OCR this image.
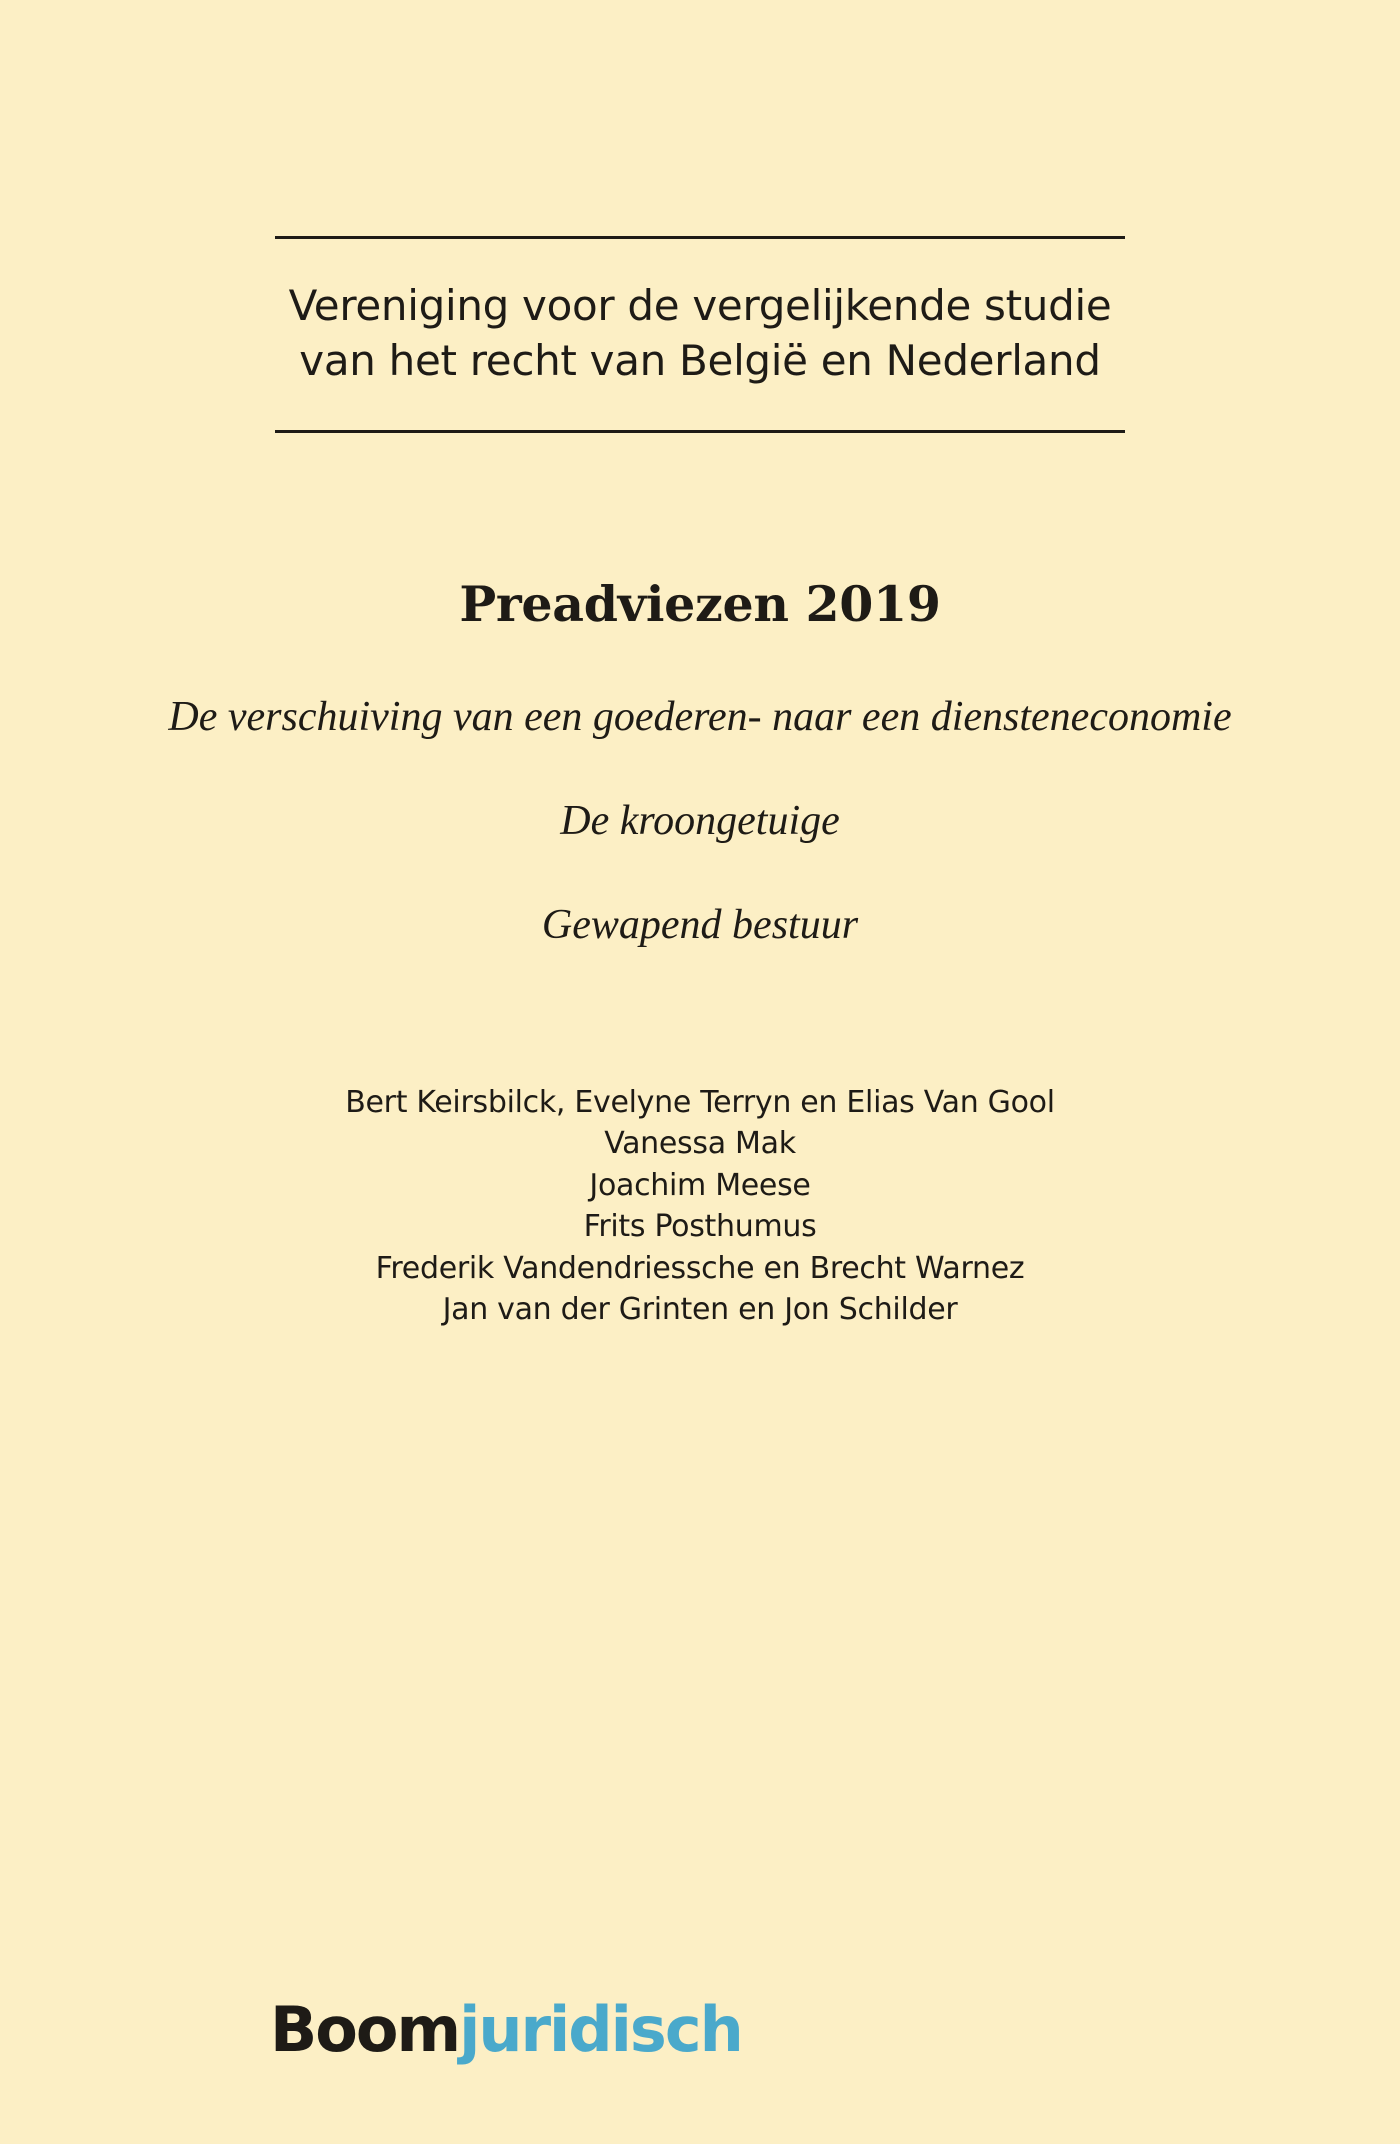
Vereniging voor de vergelijkende studie
van het recht van België en Nederland
Preadviezen 2019
De verschuiving van een goederen- naar een diensteneconomie
De kroongetuige
Gewapend bestuur
Bert Keirsbilck, Evelyne Terryn en Elias Van Gool
Vanessa Mak
Joachim Meese
Frits Posthumus
Frederik Vandendriessche en Brecht Warnez
Jan van der Grinten en Jon Schilder
Boomjuridisch
